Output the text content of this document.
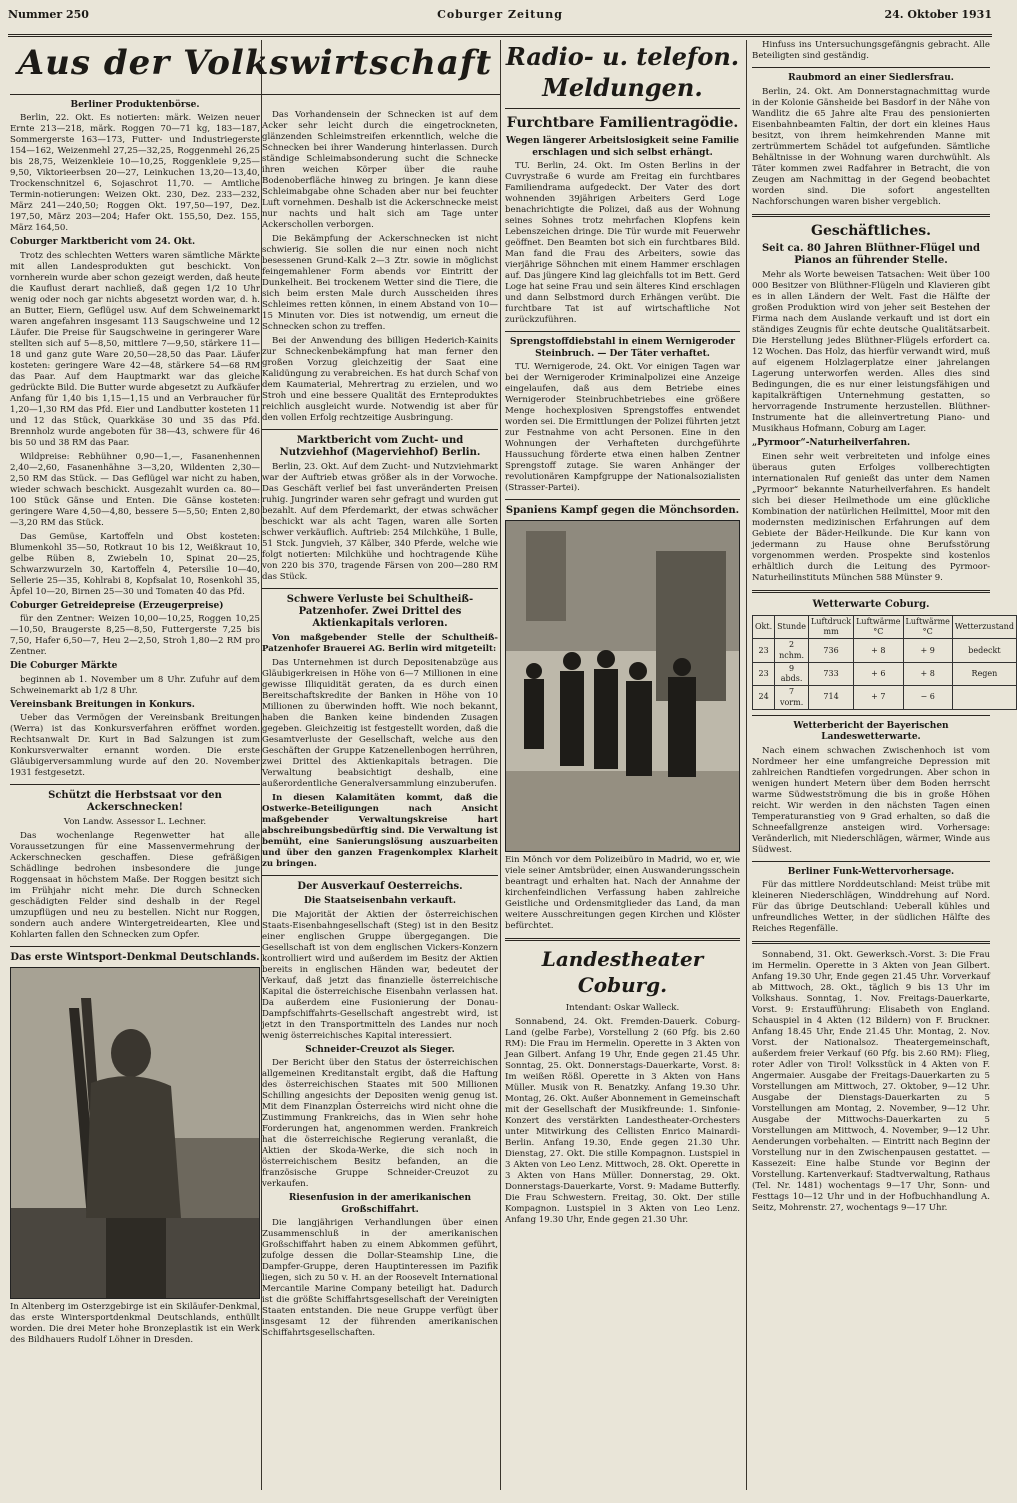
Nummer 250	Coburger Zeitung	24. Oktober 1931
Aus der Volkswirtschaft
Berliner Produktenbörse.

Berlin, 22. Okt. Es notierten: märk. Weizen neuer Ernte 213—218, märk. Roggen 70—71 kg, 183—187, Sommergerste 163—173, Futter- und Industriegerste 154—162, Weizenmehl 27,25—32,25, Roggenmehl 26,25 bis 28,75, Weizenkleie 10—10,25, Roggenkleie 9,25—9,50, Viktorieerbsen 20—27, Leinkuchen 13,20—13,40, Trockenschnitzel 6, Sojaschrot 11,70. — Amtliche Termin-notierungen: Weizen Okt. 230, Dez. 233—232, März 241—240,50; Roggen Okt. 197,50—197, Dez. 197,50, März 203—204; Hafer Okt. 155,50, Dez. 155, März 164,50.

Coburger Marktbericht vom 24. Okt.

Trotz des schlechten Wetters waren sämtliche Märkte mit allen Landesprodukten gut beschickt. Von vornherein wurde aber schon gezeigt werden, daß heute die Kauflust derart nachließ, daß gegen 1/2 10 Uhr wenig oder noch gar nichts abgesetzt worden war, d. h. an Butter, Eiern, Geflügel usw. Auf dem Schweinemarkt waren angefahren insgesamt 113 Saugschweine und 12 Läufer. Die Preise für Saugschweine in geringerer Ware stellten sich auf 5—8,50, mittlere 7—9,50, stärkere 11—18 und ganz gute Ware 20,50—28,50 das Paar. Läufer kosteten: geringere Ware 42—48, stärkere 54—68 RM das Paar. Auf dem Hauptmarkt war das gleiche gedrückte Bild. Die Butter wurde abgesetzt zu Aufkäufer Anfang für 1,40 bis 1,15—1,15 und an Verbraucher für 1,20—1,30 RM das Pfd. Eier und Landbutter kosteten 11 und 12 das Stück, Quarkkäse 30 und 35 das Pfd. Brennholz wurde angeboten für 38—43, schwere für 46 bis 50 und 38 RM das Paar.

Wildpreise: Rebhühner 0,90—1,—, Fasanenhennen 2,40—2,60, Fasanenhähne 3—3,20, Wildenten 2,30—2,50 RM das Stück. — Das Geflügel war nicht zu haben, wieder schwach beschickt. Ausgezahlt wurden ca. 80—100 Stück Gänse und Enten. Die Gänse kosteten: geringere Ware 4,50—4,80, bessere 5—5,50; Enten 2,80—3,20 RM das Stück.

Das Gemüse, Kartoffeln und Obst kosteten: Blumenkohl 35—50, Rotkraut 10 bis 12, Weißkraut 10, gelbe Rüben 8, Zwiebeln 10, Spinat 20—25, Schwarzwurzeln 30, Kartoffeln 4, Petersilie 10—40, Sellerie 25—35, Kohlrabi 8, Kopfsalat 10, Rosenkohl 35, Äpfel 10—20, Birnen 25—30 und Tomaten 40 das Pfd.

Coburger Getreidepreise (Erzeugerpreise)

für den Zentner: Weizen 10,00—10,25, Roggen 10,25—10,50, Braugerste 8,25—8,50, Futtergerste 7,25 bis 7,50, Hafer 6,50—7, Heu 2—2,50, Stroh 1,80—2 RM pro Zentner.

Die Coburger Märkte

beginnen ab 1. November um 8 Uhr. Zufuhr auf dem Schweinemarkt ab 1/2 8 Uhr.

Vereinsbank Breitungen in Konkurs.

Ueber das Vermögen der Vereinsbank Breitungen (Werra) ist das Konkursverfahren eröffnet worden. Rechtsanwalt Dr. Kurt in Bad Salzungen ist zum Konkursverwalter ernannt worden. Die erste Gläubigerversammlung wurde auf den 20. November 1931 festgesetzt.

Schützt die Herbstsaat vor den Ackerschnecken!

Von Landw. Assessor L. Lechner.

Das wochenlange Regenwetter hat alle Voraussetzungen für eine Massenvermehrung der Ackerschnecken geschaffen. Diese gefräßigen Schädlinge bedrohen insbesondere die junge Roggensaat in höchstem Maße. Der Roggen besitzt sich im Frühjahr nicht mehr. Die durch Schnecken geschädigten Felder sind deshalb in der Regel umzupflügen und neu zu bestellen. Nicht nur Roggen, sondern auch andere Wintergetreidearten, Klee und Kohlarten fallen den Schnecken zum Opfer.

Das erste Wintsport-Denkmal Deutschlands.

In Altenberg im Osterzgebirge ist ein Skiläufer-Denkmal, das erste Wintersportdenkmal Deutschlands, enthüllt worden. Die drei Meter hohe Bronzeplastik ist ein Werk des Bildhauers Rudolf Löhner in Dresden.

Das Vorhandensein der Schnecken ist auf dem Acker sehr leicht durch die eingetrockneten, glänzenden Schleimstreifen erkenntlich, welche die Schnecken bei ihrer Wanderung hinterlassen. Durch ständige Schleimabsonderung sucht die Schnecke ihren weichen Körper über die rauhe Bodenoberfläche hinweg zu bringen. Je kann diese Schleimabgabe ohne Schaden aber nur bei feuchter Luft vornehmen. Deshalb ist die Ackerschnecke meist nur nachts und halt sich am Tage unter Ackerschollen verborgen.

Die Bekämpfung der Ackerschnecken ist nicht schwierig. Sie sollen die nur einen noch nicht besessenen Grund-Kalk 2—3 Ztr. sowie in möglichst feingemahlener Form abends vor Eintritt der Dunkelheit. Bei trockenem Wetter sind die Tiere, die sich beim ersten Male durch Ausscheiden ihres Schleimes retten können, in einem Abstand von 10—15 Minuten vor. Dies ist notwendig, um erneut die Schnecken schon zu treffen.

Bei der Anwendung des billigen Hederich-Kainits zur Schneckenbekämpfung hat man ferner den großen Vorzug gleichzeitig der Saat eine Kalidüngung zu verabreichen. Es hat durch Schaf von dem Kaumaterial, Mehrertrag zu erzielen, und wo Stroh und eine bessere Qualität des Ernteproduktes reichlich ausgleicht wurde. Notwendig ist aber für den vollen Erfolg rechtzeitige Ausbringung.

Marktbericht vom Zucht- und Nutzviehhof (Magerviehhof) Berlin.

Berlin, 23. Okt. Auf dem Zucht- und Nutzviehmarkt war der Auftrieb etwas größer als in der Vorwoche. Das Geschäft verlief bei fast unveränderten Preisen ruhig. Jungrinder waren sehr gefragt und wurden gut bezahlt. Auf dem Pferdemarkt, der etwas schwächer beschickt war als acht Tagen, waren alle Sorten schwer verkäuflich. Auftrieb: 254 Milchkühe, 1 Bulle, 51 Stck. Jungvieh, 37 Kälber, 340 Pferde, welche wie folgt notierten: Milchkühe und hochtragende Kühe von 220 bis 370, tragende Färsen von 200—280 RM das Stück.

Schwere Verluste bei Schultheiß-Patzenhofer. Zwei Drittel des Aktienkapitals verloren.

Von maßgebender Stelle der Schultheiß-Patzenhofer Brauerei AG. Berlin wird mitgeteilt:

Das Unternehmen ist durch Depositenabzüge aus Gläubigerkreisen in Höhe von 6—7 Millionen in eine gewisse Illiquidität geraten, da es durch einen Bereitschaftskredite der Banken in Höhe von 10 Millionen zu überwinden hofft. Wie noch bekannt, haben die Banken keine bindenden Zusagen gegeben. Gleichzeitig ist festgestellt worden, daß die Gesamtverluste der Gesellschaft, welche aus den Geschäften der Gruppe Katzenellenbogen herrühren, zwei Drittel des Aktienkapitals betragen. Die Verwaltung beabsichtigt deshalb, eine außerordentliche Generalversammlung einzuberufen.

In diesen Kalamitäten kommt, daß die Ostwerke-Beteiligungen nach Ansicht maßgebender Verwaltungskreise hart abschreibungsbedürftig sind. Die Verwaltung ist bemüht, eine Sanierungslösung auszuarbeiten und über den ganzen Fragenkomplex Klarheit zu bringen.

Der Ausverkauf Oesterreichs.
Die Staatseisenbahn verkauft.

Die Majorität der Aktien der österreichischen Staats-Eisenbahngesellschaft (Steg) ist in den Besitz einer englischen Gruppe übergegangen. Die Gesellschaft ist von dem englischen Vickers-Konzern kontrolliert wird und außerdem im Besitz der Aktien bereits in englischen Händen war, bedeutet der Verkauf, daß jetzt das finanzielle österreichische Kapital die österreichische Eisenbahn verlassen hat. Da außerdem eine Fusionierung der Donau-Dampfschiffahrts-Gesellschaft angestrebt wird, ist jetzt in den Transportmitteln des Landes nur noch wenig österreichisches Kapital interessiert.

Schneider-Creuzot als Sieger.

Der Bericht über den Status der österreichischen allgemeinen Kreditanstalt ergibt, daß die Haftung des österreichischen Staates mit 500 Millionen Schilling angesichts der Depositen wenig genug ist. Mit dem Finanzplan Österreichs wird nicht ohne die Zustimmung Frankreichs, das in Wien sehr hohe Forderungen hat, angenommen werden. Frankreich hat die österreichische Regierung veranlaßt, die Aktien der Skoda-Werke, die sich noch in österreichischem Besitz befanden, an die französische Gruppe Schneider-Creuzot zu verkaufen.

Riesenfusion in der amerikanischen Großschiffahrt.

Die langjährigen Verhandlungen über einen Zusammenschluß in der amerikanischen Großschiffahrt haben zu einem Abkommen geführt, zufolge dessen die Dollar-Steamship Line, die Dampfer-Gruppe, deren Hauptinteressen im Pazifik liegen, sich zu 50 v. H. an der Roosevelt International Mercantile Marine Company beteiligt hat. Dadurch ist die größte Schiffahrtsgesellschaft der Vereinigten Staaten entstanden. Die neue Gruppe verfügt über insgesamt 12 der führenden amerikanischen Schiffahrtsgesellschaften.

Radio- u. telefon. Meldungen.
Furchtbare Familientragödie.
Wegen längerer Arbeitslosigkeit seine Familie erschlagen und sich selbst erhängt.

TU. Berlin, 24. Okt. Im Osten Berlins in der Cuvrystraße 6 wurde am Freitag ein furchtbares Familiendrama aufgedeckt. Der Vater des dort wohnenden 39jährigen Arbeiters Gerd Loge benachrichtigte die Polizei, daß aus der Wohnung seines Sohnes trotz mehrfachen Klopfens kein Lebenszeichen dringe. Die Tür wurde mit Feuerwehr geöffnet. Den Beamten bot sich ein furchtbares Bild. Man fand die Frau des Arbeiters, sowie das vierjährige Söhnchen mit einem Hammer erschlagen auf. Das jüngere Kind lag gleichfalls tot im Bett. Gerd Loge hat seine Frau und sein älteres Kind erschlagen und dann Selbstmord durch Erhängen verübt. Die furchtbare Tat ist auf wirtschaftliche Not zurückzuführen.

Sprengstoffdiebstahl in einem Wernigeroder Steinbruch. — Der Täter verhaftet.

TU. Wernigerode, 24. Okt. Vor einigen Tagen war bei der Wernigeroder Kriminalpolizei eine Anzeige eingelaufen, daß aus dem Betriebe eines Wernigeroder Steinbruchbetriebes eine größere Menge hochexplosiven Sprengstoffes entwendet worden sei. Die Ermittlungen der Polizei führten jetzt zur Festnahme von acht Personen. Eine in den Wohnungen der Verhafteten durchgeführte Haussuchung förderte etwa einen halben Zentner Sprengstoff zutage. Sie waren Anhänger der revolutionären Kampfgruppe der Nationalsozialisten (Strasser-Partei).

Spaniens Kampf gegen die Mönchsorden.

Ein Mönch vor dem Polizeibüro in Madrid, wo er, wie viele seiner Amtsbrüder, einen Auswanderungsschein beantragt und erhalten hat. Nach der Annahme der kirchenfeindlichen Verfassung haben zahlreiche Geistliche und Ordensmitglieder das Land, da man weitere Ausschreitungen gegen Kirchen und Klöster befürchtet.

Landestheater Coburg.

Intendant: Oskar Walleck.

Sonnabend, 24. Okt. Fremden-Dauerk. Coburg-Land (gelbe Farbe), Vorstellung 2 (60 Pfg. bis 2.60 RM): Die Frau im Hermelin. Operette in 3 Akten von Jean Gilbert. Anfang 19 Uhr, Ende gegen 21.45 Uhr. Sonntag, 25. Okt. Donnerstags-Dauerkarte, Vorst. 8: Im weißen Rößl. Operette in 3 Akten von Hans Müller. Musik von R. Benatzky. Anfang 19.30 Uhr. Montag, 26. Okt. Außer Abonnement in Gemeinschaft mit der Gesellschaft der Musikfreunde: 1. Sinfonie-Konzert des verstärkten Landestheater-Orchesters unter Mitwirkung des Cellisten Enrico Mainardi-Berlin. Anfang 19.30, Ende gegen 21.30 Uhr. Dienstag, 27. Okt. Die stille Kompagnon. Lustspiel in 3 Akten von Leo Lenz. Mittwoch, 28. Okt. Operette in 3 Akten von Hans Müller. Donnerstag, 29. Okt. Donnerstags-Dauerkarte, Vorst. 9: Madame Butterfly. Die Frau Schwestern. Freitag, 30. Okt. Der stille Kompagnon. Lustspiel in 3 Akten von Leo Lenz. Anfang 19.30 Uhr, Ende gegen 21.30 Uhr.

Hinfuss ins Untersuchungsgefängnis gebracht. Alle Beteiligten sind geständig.

Raubmord an einer Siedlersfrau.

Berlin, 24. Okt. Am Donnerstagnachmittag wurde in der Kolonie Gänsheide bei Basdorf in der Nähe von Wandlitz die 65 Jahre alte Frau des pensionierten Eisenbahnbeamten Faltin, der dort ein kleines Haus besitzt, von ihrem heimkehrenden Manne mit zertrümmertem Schädel tot aufgefunden. Sämtliche Behältnisse in der Wohnung waren durchwühlt. Als Täter kommen zwei Radfahrer in Betracht, die von Zeugen am Nachmittag in der Gegend beobachtet worden sind. Die sofort angestellten Nachforschungen waren bisher vergeblich.

Geschäftliches.
Seit ca. 80 Jahren Blüthner-Flügel und Pianos an führender Stelle.

Mehr als Worte beweisen Tatsachen: Weit über 100 000 Besitzer von Blüthner-Flügeln und Klavieren gibt es in allen Ländern der Welt. Fast die Hälfte der großen Produktion wird von jeher seit Bestehen der Firma nach dem Auslande verkauft und ist dort ein ständiges Zeugnis für echte deutsche Qualitätsarbeit. Die Herstellung jedes Blüthner-Flügels erfordert ca. 12 Wochen. Das Holz, das hierfür verwandt wird, muß auf eigenem Holzlagerplatze einer jahrelangen Lagerung unterworfen werden. Alles dies sind Bedingungen, die es nur einer leistungsfähigen und kapitalkräftigen Unternehmung gestatten, so hervorragende Instrumente herzustellen. Blüthner-Instrumente hat die alleinvertretung Piano- und Musikhaus Hofmann, Coburg am Lager.

„Pyrmoor“-Naturheilverfahren.

Einen sehr weit verbreiteten und infolge eines überaus guten Erfolges vollberechtigten internationalen Ruf genießt das unter dem Namen „Pyrmoor“ bekannte Naturheilverfahren. Es handelt sich bei dieser Heilmethode um eine glückliche Kombination der natürlichen Heilmittel, Moor mit den modernsten medizinischen Erfahrungen auf dem Gebiete der Bäder-Heilkunde. Die Kur kann von jedermann zu Hause ohne Berufsstörung vorgenommen werden. Prospekte sind kostenlos erhältlich durch die Leitung des Pyrmoor-Naturheilinstituts München 588 Münster 9.

Wetterwarte Coburg.
Okt.	Stunde	Luftdruck mm	Luftwärme °C	Luftwärme °C	Wetterzustand
23	2 nchm.	736	+ 8	+ 9	bedeckt
23	9 abds.	733	+ 6	+ 8	Regen
24	7 vorm.	714	+ 7	− 6	
Wetterbericht der Bayerischen Landeswetterwarte.

Nach einem schwachen Zwischenhoch ist vom Nordmeer her eine umfangreiche Depression mit zahlreichen Randtiefen vorgedrungen. Aber schon in wenigen hundert Metern über dem Boden herrscht warme Südwestströmung die bis in große Höhen reicht. Wir werden in den nächsten Tagen einen Temperaturanstieg von 9 Grad erhalten, so daß die Schneefallgrenze ansteigen wird. Vorhersage: Veränderlich, mit Niederschlägen, wärmer, Winde aus Südwest.

Berliner Funk-Wettervorhersage.

Für das mittlere Norddeutschland: Meist trübe mit kleineren Niederschlägen, Winddrehung auf Nord. Für das übrige Deutschland: Ueberall kühles und unfreundliches Wetter, in der südlichen Hälfte des Reiches Regenfälle.

Sonnabend, 31. Okt. Gewerksch.-Vorst. 3: Die Frau im Hermelin. Operette in 3 Akten von Jean Gilbert. Anfang 19.30 Uhr, Ende gegen 21.45 Uhr. Vorverkauf ab Mittwoch, 28. Okt., täglich 9 bis 13 Uhr im Volkshaus. Sonntag, 1. Nov. Freitags-Dauerkarte, Vorst. 9: Erstaufführung: Elisabeth von England. Schauspiel in 4 Akten (12 Bildern) von F. Bruckner. Anfang 18.45 Uhr, Ende 21.45 Uhr. Montag, 2. Nov. Vorst. der Nationalsoz. Theatergemeinschaft, außerdem freier Verkauf (60 Pfg. bis 2.60 RM): Flieg, roter Adler von Tirol! Volksstück in 4 Akten von F. Angermaier. Ausgabe der Freitags-Dauerkarten zu 5 Vorstellungen am Mittwoch, 27. Oktober, 9—12 Uhr. Ausgabe der Dienstags-Dauerkarten zu 5 Vorstellungen am Montag, 2. November, 9—12 Uhr. Ausgabe der Mittwochs-Dauerkarten zu 5 Vorstellungen am Mittwoch, 4. November, 9—12 Uhr. Aenderungen vorbehalten. — Eintritt nach Beginn der Vorstellung nur in den Zwischenpausen gestattet. — Kassezeit: Eine halbe Stunde vor Beginn der Vorstellung. Kartenverkauf: Stadtverwaltung, Rathaus (Tel. Nr. 1481) wochentags 9—17 Uhr, Sonn- und Festtags 10—12 Uhr und in der Hofbuchhandlung A. Seitz, Mohrenstr. 27, wochentags 9—17 Uhr.
